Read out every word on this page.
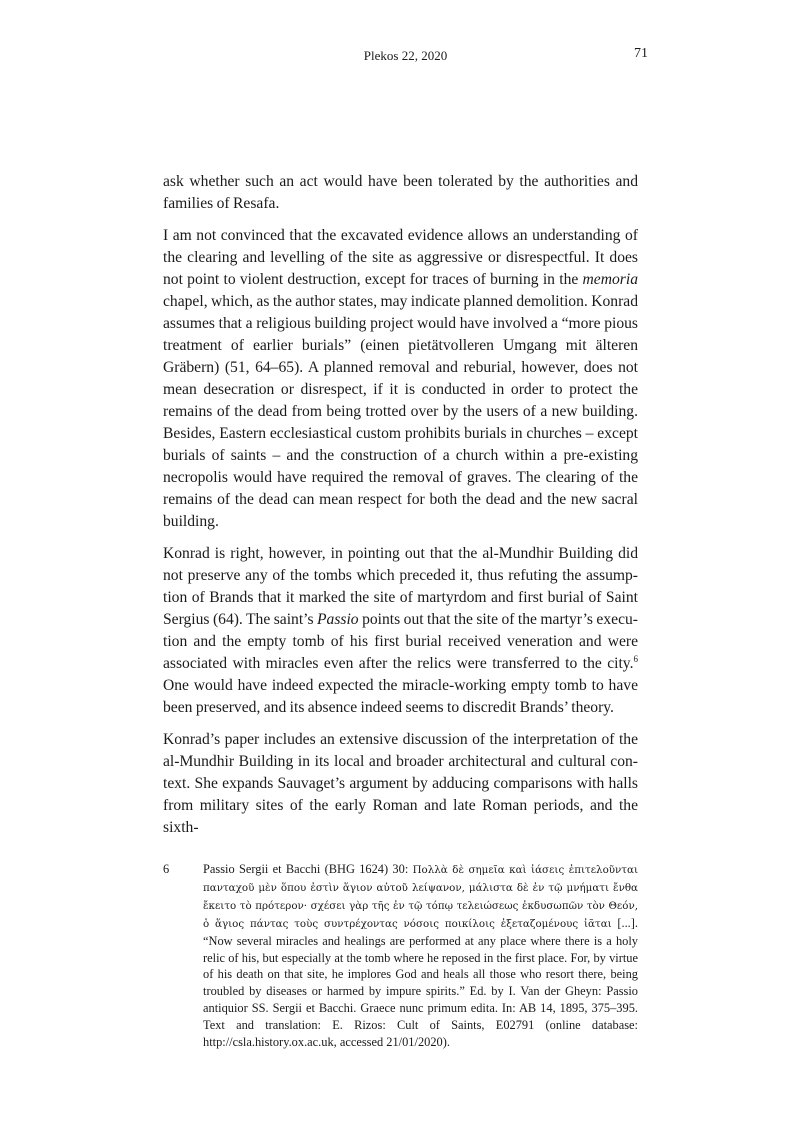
Plekos 22, 2020	71

ask whether such an act would have been tolerated by the authorities and families of Resafa.

I am not convinced that the excavated evidence allows an understanding of the clearing and levelling of the site as aggressive or disrespectful. It does not point to violent destruction, except for traces of burning in the memoria chapel, which, as the author states, may indicate planned demolition. Konrad assumes that a religious building project would have involved a “more pious treatment of earlier burials” (einen pietätvolleren Umgang mit älteren Gräbern) (51, 64–65). A planned removal and reburial, however, does not mean desecration or disrespect, if it is conducted in order to protect the remains of the dead from being trotted over by the users of a new building. Besides, Eastern ecclesiastical custom prohibits burials in churches – except burials of saints – and the construction of a church within a pre-existing necropolis would have required the removal of graves. The clearing of the remains of the dead can mean respect for both the dead and the new sacral building.

Konrad is right, however, in pointing out that the al-Mundhir Building did not preserve any of the tombs which preceded it, thus refuting the assumption of Brands that it marked the site of martyrdom and first burial of Saint Sergius (64). The saint’s Passio points out that the site of the martyr’s execution and the empty tomb of his first burial received veneration and were associated with miracles even after the relics were transferred to the city.$^6$ One would have indeed expected the miracle-working empty tomb to have been preserved, and its absence indeed seems to discredit Brands’ theory.

Konrad’s paper includes an extensive discussion of the interpretation of the al-Mundhir Building in its local and broader architectural and cultural context. She expands Sauvaget’s argument by adducing comparisons with halls from military sites of the early Roman and late Roman periods, and the sixth-

6	Passio Sergii et Bacchi (BHG 1624) 30: Πολλὰ δὲ σημεῖα καὶ ἰάσεις ἐπιτελοῦνται πανταχοῦ μὲν ὅπου ἐστὶν ἅγιον αὐτοῦ λείψανον, μάλιστα δὲ ἐν τῷ μνήματι ἔνθα ἔκειτο τὸ πρότερον· σχέσει γὰρ τῆς ἐν τῷ τόπῳ τελειώσεως ἐκδυσωπῶν τὸν Θεόν, ὁ ἅγιος πάντας τοὺς συντρέχοντας νόσοις ποικίλοις ἐξεταζομένους ἰᾶται [...]. “Now several miracles and healings are performed at any place where there is a holy relic of his, but especially at the tomb where he reposed in the first place. For, by virtue of his death on that site, he implores God and heals all those who resort there, being troubled by diseases or harmed by impure spirits.” Ed. by I. Van der Gheyn: Passio antiquior SS. Sergii et Bacchi. Graece nunc primum edita. In: AB 14, 1895, 375–395. Text and translation: E. Rizos: Cult of Saints, E02791 (online database: http://csla.history.ox.ac.uk, accessed 21/01/2020).
